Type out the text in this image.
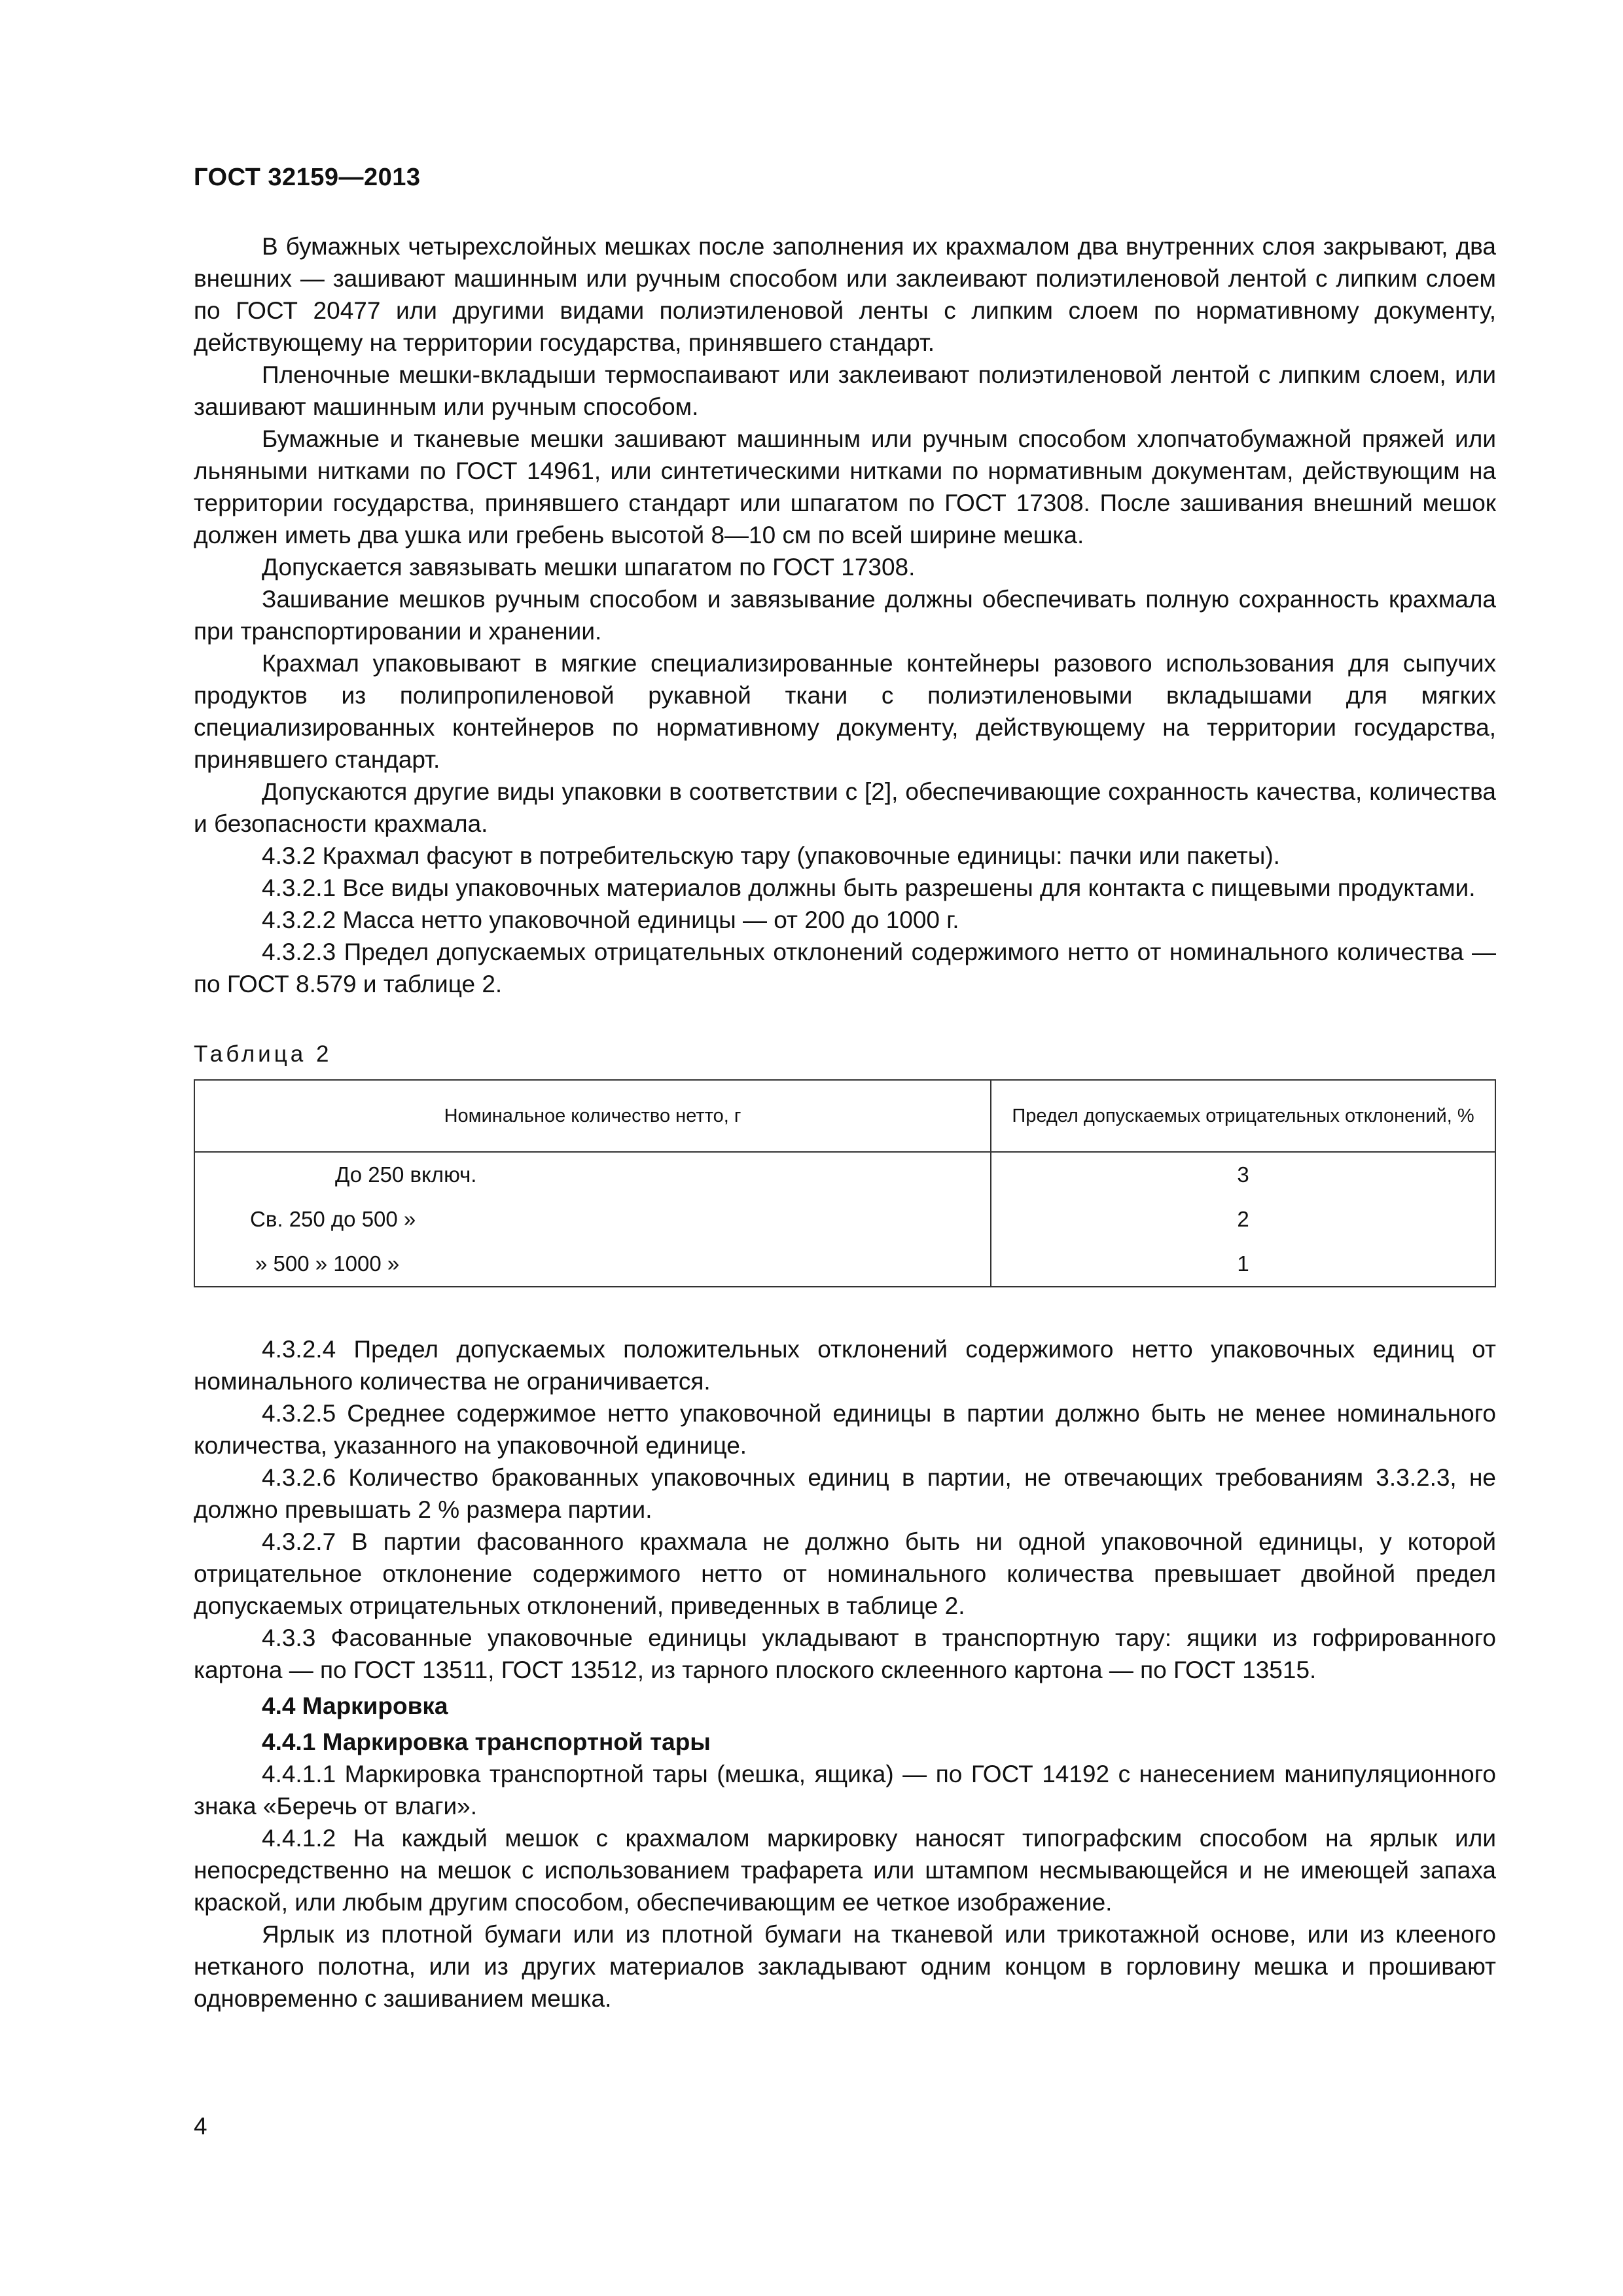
ГОСТ 32159—2013

В бумажных четырехслойных мешках после заполнения их крахмалом два внутренних слоя закрывают, два внешних — зашивают машинным или ручным способом или заклеивают полиэтиленовой лентой с липким слоем по ГОСТ 20477 или другими видами полиэтиленовой ленты с липким слоем по нормативному документу, действующему на территории государства, принявшего стандарт.

Пленочные мешки-вкладыши термоспаивают или заклеивают полиэтиленовой лентой с липким слоем, или зашивают машинным или ручным способом.

Бумажные и тканевые мешки зашивают машинным или ручным способом хлопчатобумажной пряжей или льняными нитками по ГОСТ 14961, или синтетическими нитками по нормативным документам, действующим на территории государства, принявшего стандарт или шпагатом по ГОСТ 17308. После зашивания внешний мешок должен иметь два ушка или гребень высотой 8—10 см по всей ширине мешка.

Допускается завязывать мешки шпагатом по ГОСТ 17308.

Зашивание мешков ручным способом и завязывание должны обеспечивать полную сохранность крахмала при транспортировании и хранении.

Крахмал упаковывают в мягкие специализированные контейнеры разового использования для сыпучих продуктов из полипропиленовой рукавной ткани с полиэтиленовыми вкладышами для мягких специализированных контейнеров по нормативному документу, действующему на территории государства, принявшего стандарт.

Допускаются другие виды упаковки в соответствии с [2], обеспечивающие сохранность качества, количества и безопасности крахмала.

4.3.2 Крахмал фасуют в потребительскую тару (упаковочные единицы: пачки или пакеты).

4.3.2.1 Все виды упаковочных материалов должны быть разрешены для контакта с пищевыми продуктами.

4.3.2.2 Масса нетто упаковочной единицы — от 200 до 1000 г.

4.3.2.3 Предел допускаемых отрицательных отклонений содержимого нетто от номинального количества — по ГОСТ 8.579 и таблице 2.

Таблица 2
Номинальное количество нетто, г	Предел допускаемых отрицательных отклонений, %
До 250 включ.	3
Св. 250 до 500 »	2
» 500 » 1000 »	1

4.3.2.4 Предел допускаемых положительных отклонений содержимого нетто упаковочных единиц от номинального количества не ограничивается.

4.3.2.5 Среднее содержимое нетто упаковочной единицы в партии должно быть не менее номинального количества, указанного на упаковочной единице.

4.3.2.6 Количество бракованных упаковочных единиц в партии, не отвечающих требованиям 3.3.2.3, не должно превышать 2 % размера партии.

4.3.2.7 В партии фасованного крахмала не должно быть ни одной упаковочной единицы, у которой отрицательное отклонение содержимого нетто от номинального количества превышает двойной предел допускаемых отрицательных отклонений, приведенных в таблице 2.

4.3.3 Фасованные упаковочные единицы укладывают в транспортную тару: ящики из гофрированного картона — по ГОСТ 13511, ГОСТ 13512, из тарного плоского склеенного картона — по ГОСТ 13515.

4.4 Маркировка

4.4.1 Маркировка транспортной тары

4.4.1.1 Маркировка транспортной тары (мешка, ящика) — по ГОСТ 14192 с нанесением манипуляционного знака «Беречь от влаги».

4.4.1.2 На каждый мешок с крахмалом маркировку наносят типографским способом на ярлык или непосредственно на мешок с использованием трафарета или штампом несмывающейся и не имеющей запаха краской, или любым другим способом, обеспечивающим ее четкое изображение.

Ярлык из плотной бумаги или из плотной бумаги на тканевой или трикотажной основе, или из клееного нетканого полотна, или из других материалов закладывают одним концом в горловину мешка и прошивают одновременно с зашиванием мешка.

4
